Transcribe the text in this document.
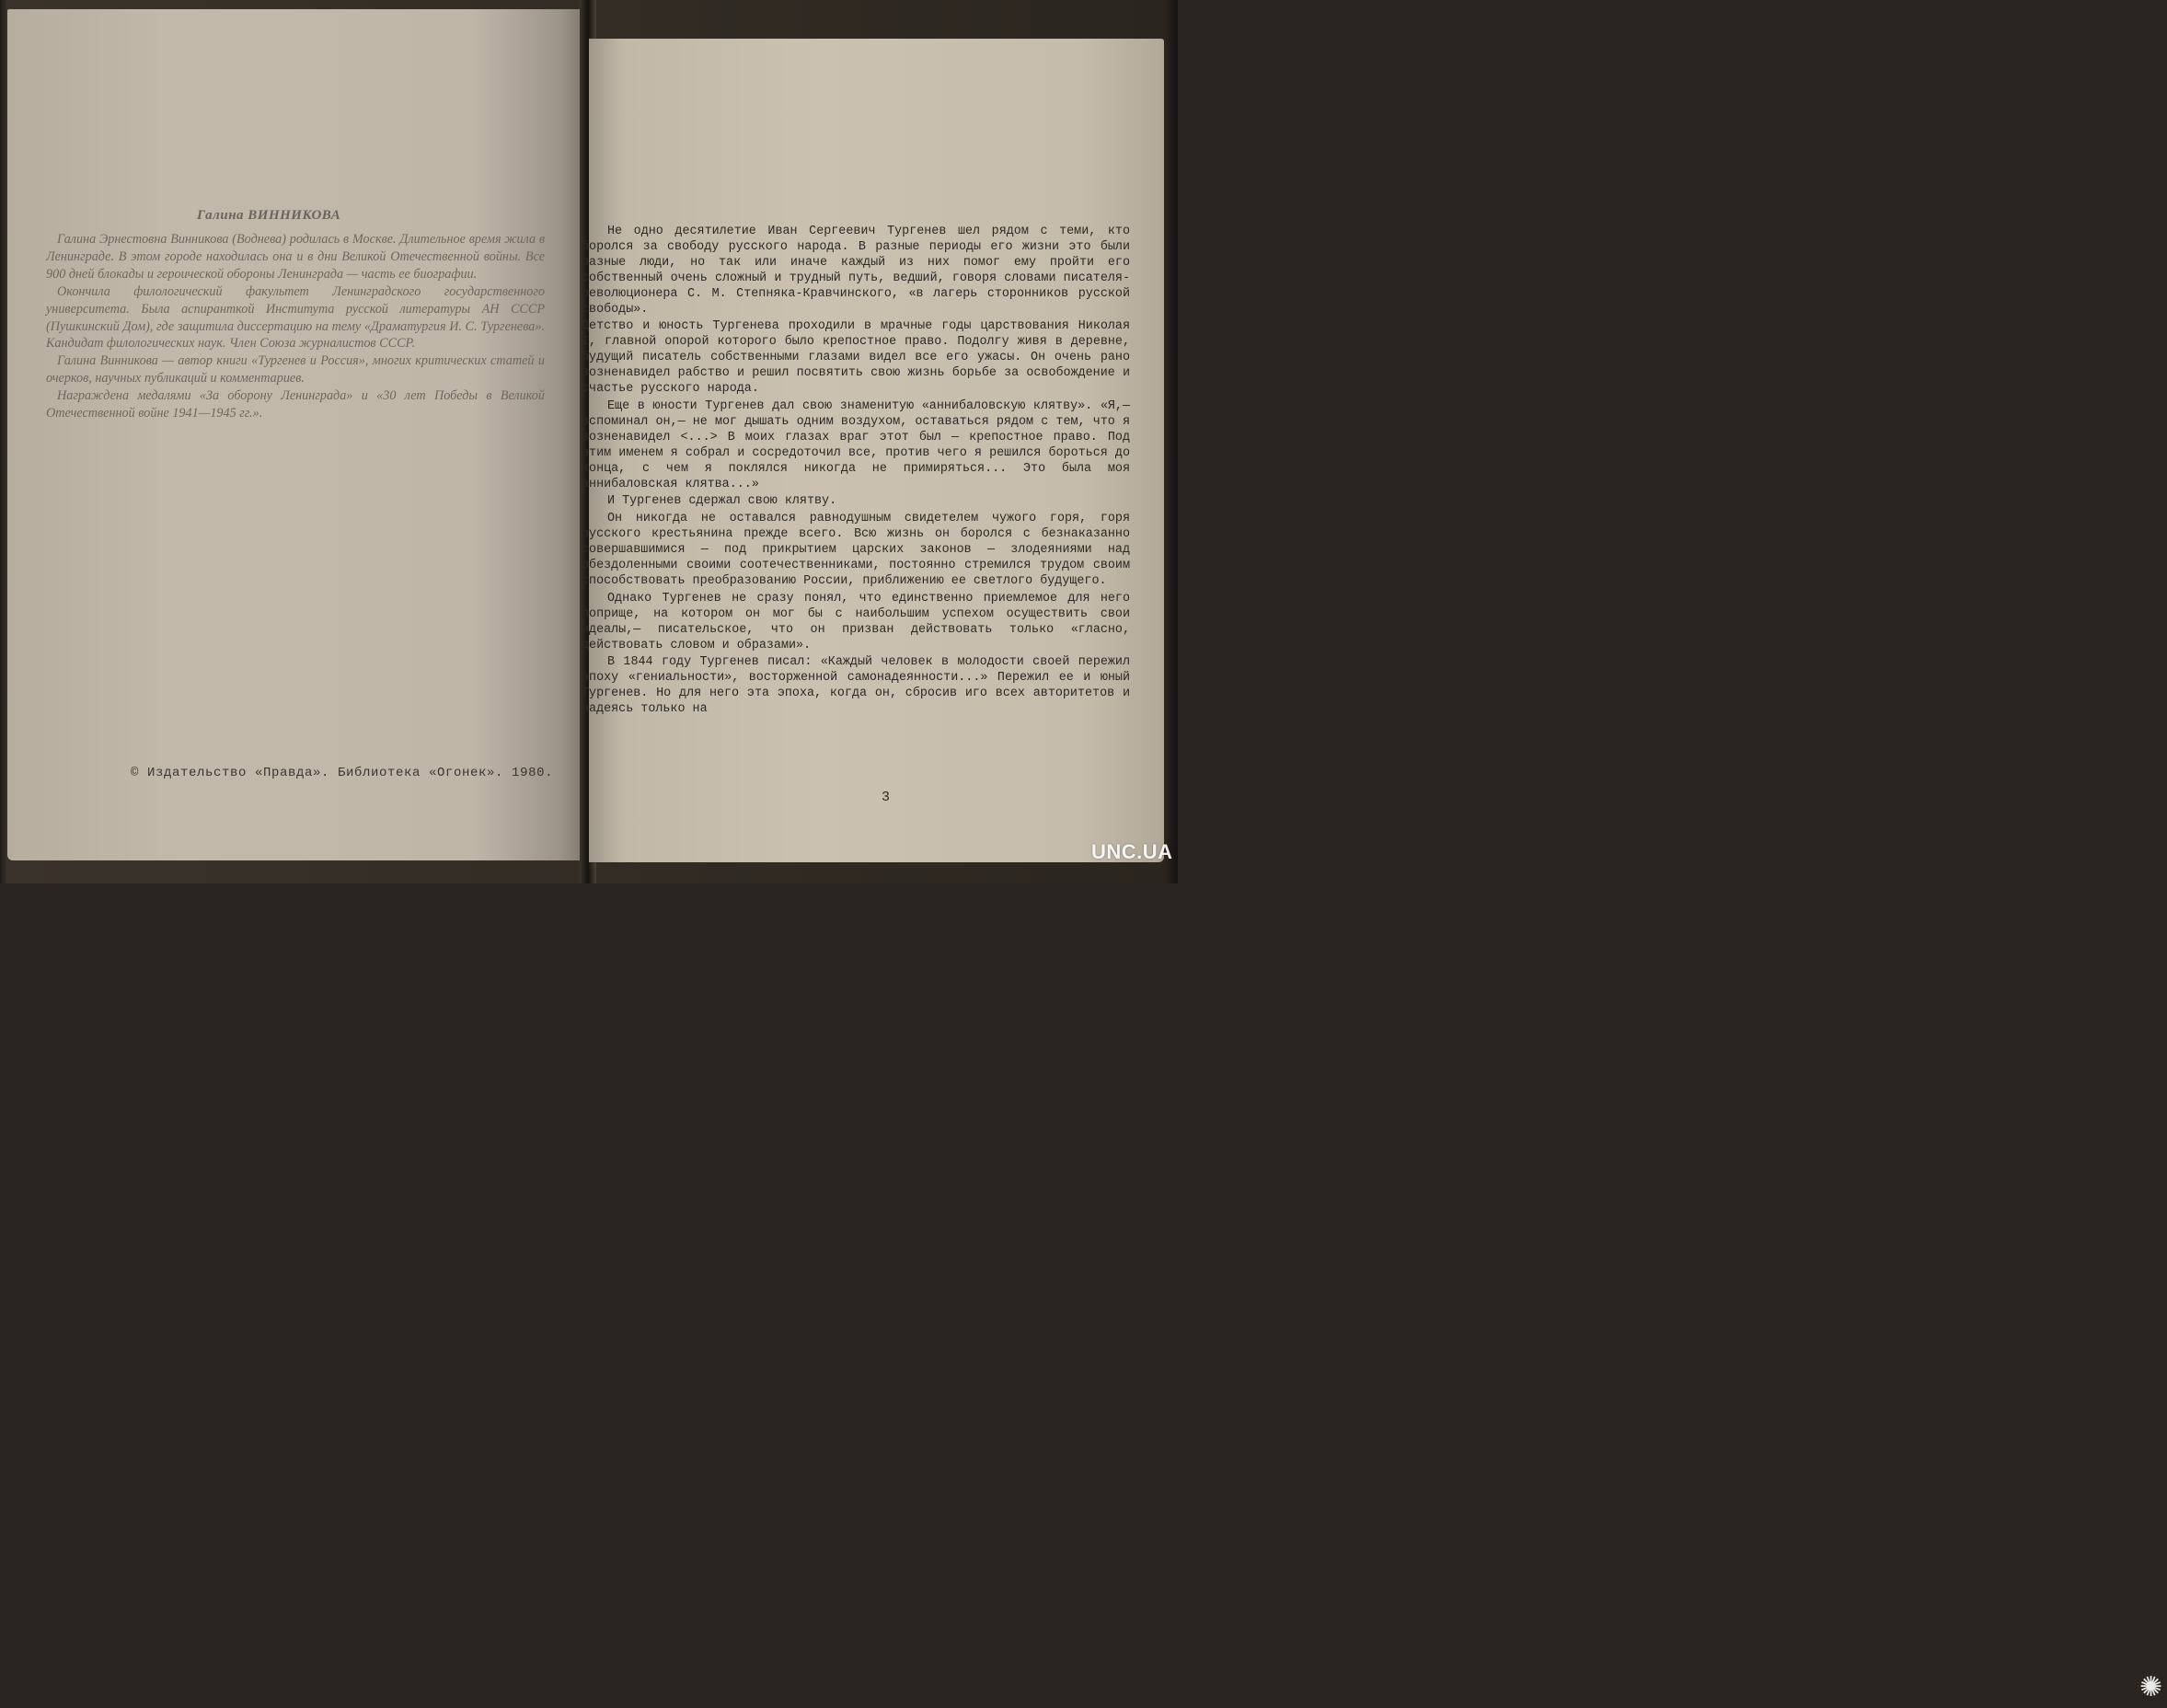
Галина ВИННИКОВА

Галина Эрнестовна Винникова (Воднева) родилась в Москве. Длительное время жила в Ленинграде. В этом городе находилась она и в дни Великой Отечественной войны. Все 900 дней блокады и героической обороны Ленинграда — часть ее биографии.

Окончила филологический факультет Ленинградского государственного университета. Была аспиранткой Института русской литературы АН СССР (Пушкинский Дом), где защитила диссертацию на тему «Драматургия И. С. Тургенева». Кандидат филологических наук. Член Союза журналистов СССР.

Галина Винникова — автор книги «Тургенев и Россия», многих критических статей и очерков, научных публикаций и комментариев.

Награждена медалями «За оборону Ленинграда» и «30 лет Победы в Великой Отечественной войне 1941—1945 гг.».

© Издательство «Правда». Библиотека «Огонек». 1980.

Не одно десятилетие Иван Сергеевич Тургенев шел рядом с теми, кто боролся за свободу русского народа. В разные периоды его жизни это были разные люди, но так или иначе каждый из них помог ему пройти его собственный очень сложный и трудный путь, ведший, говоря словами писателя-революционера С. М. Степняка-Кравчинского, «в лагерь сторонников русской свободы».

Детство и юность Тургенева проходили в мрачные годы царствования Николая I, главной опорой которого было крепостное право. Подолгу живя в деревне, будущий писатель собственными глазами видел все его ужасы. Он очень рано возненавидел рабство и решил посвятить свою жизнь борьбе за освобождение и счастье русского народа.

Еще в юности Тургенев дал свою знаменитую «аннибаловскую клятву». «Я,— вспоминал он,— не мог дышать одним воздухом, оставаться рядом с тем, что я возненавидел <...> В моих глазах враг этот был — крепостное право. Под этим именем я собрал и сосредоточил все, против чего я решился бороться до конца, с чем я поклялся никогда не примиряться... Это была моя аннибаловская клятва...»

И Тургенев сдержал свою клятву.

Он никогда не оставался равнодушным свидетелем чужого горя, горя русского крестьянина прежде всего. Всю жизнь он боролся с безнаказанно совершавшимися — под прикрытием царских законов — злодеяниями над обездоленными своими соотечественниками, постоянно стремился трудом своим способствовать преобразованию России, приближению ее светлого будущего.

Однако Тургенев не сразу понял, что единственно приемлемое для него поприще, на котором он мог бы с наибольшим успехом осуществить свои идеалы,— писательское, что он призван действовать только «гласно, действовать словом и образами».

В 1844 году Тургенев писал: «Каждый человек в молодости своей пережил эпоху «гениальности», восторженной самонадеянности...» Пережил ее и юный Тургенев. Но для него эта эпоха, когда он, сбросив иго всех авторитетов и надеясь только на

3

✺
UNC.UA
